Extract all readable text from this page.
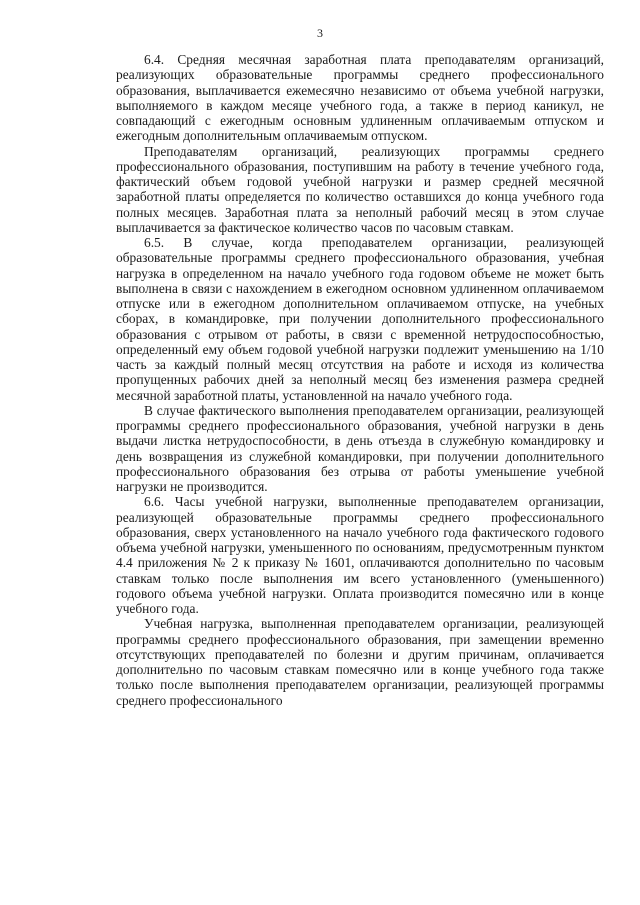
3

6.4. Средняя месячная заработная плата преподавателям организаций, реализующих образовательные программы среднего профессионального образования, выплачивается ежемесячно независимо от объема учебной нагрузки, выполняемого в каждом месяце учебного года, а также в период каникул, не совпадающий с ежегодным основным удлиненным оплачиваемым отпуском и ежегодным дополнительным оплачиваемым отпуском.

Преподавателям организаций, реализующих программы среднего профессионального образования, поступившим на работу в течение учебного года, фактический объем годовой учебной нагрузки и размер средней месячной заработной платы определяется по количество оставшихся до конца учебного года полных месяцев. Заработная плата за неполный рабочий месяц в этом случае выплачивается за фактическое количество часов по часовым ставкам.

6.5. В случае, когда преподавателем организации, реализующей образовательные программы среднего профессионального образования, учебная нагрузка в определенном на начало учебного года годовом объеме не может быть выполнена в связи с нахождением в ежегодном основном удлиненном оплачиваемом отпуске или в ежегодном дополнительном оплачиваемом отпуске, на учебных сборах, в командировке, при получении дополнительного профессионального образования с отрывом от работы, в связи с временной нетрудоспособностью, определенный ему объем годовой учебной нагрузки подлежит уменьшению на 1/10 часть за каждый полный месяц отсутствия на работе и исходя из количества пропущенных рабочих дней за неполный месяц без изменения размера средней месячной заработной платы, установленной на начало учебного года.

В случае фактического выполнения преподавателем организации, реализующей программы среднего профессионального образования, учебной нагрузки в день выдачи листка нетрудоспособности, в день отъезда в служебную командировку и день возвращения из служебной командировки, при получении дополнительного профессионального образования без отрыва от работы уменьшение учебной нагрузки не производится.

6.6. Часы учебной нагрузки, выполненные преподавателем организации, реализующей образовательные программы среднего профессионального образования, сверх установленного на начало учебного года фактического годового объема учебной нагрузки, уменьшенного по основаниям, предусмотренным пунктом 4.4 приложения № 2 к приказу № 1601, оплачиваются дополнительно по часовым ставкам только после выполнения им всего установленного (уменьшенного) годового объема учебной нагрузки. Оплата производится помесячно или в конце учебного года.

Учебная нагрузка, выполненная преподавателем организации, реализующей программы среднего профессионального образования, при замещении временно отсутствующих преподавателей по болезни и другим причинам, оплачивается дополнительно по часовым ставкам помесячно или в конце учебного года также только после выполнения преподавателем организации, реализующей программы среднего профессионального
